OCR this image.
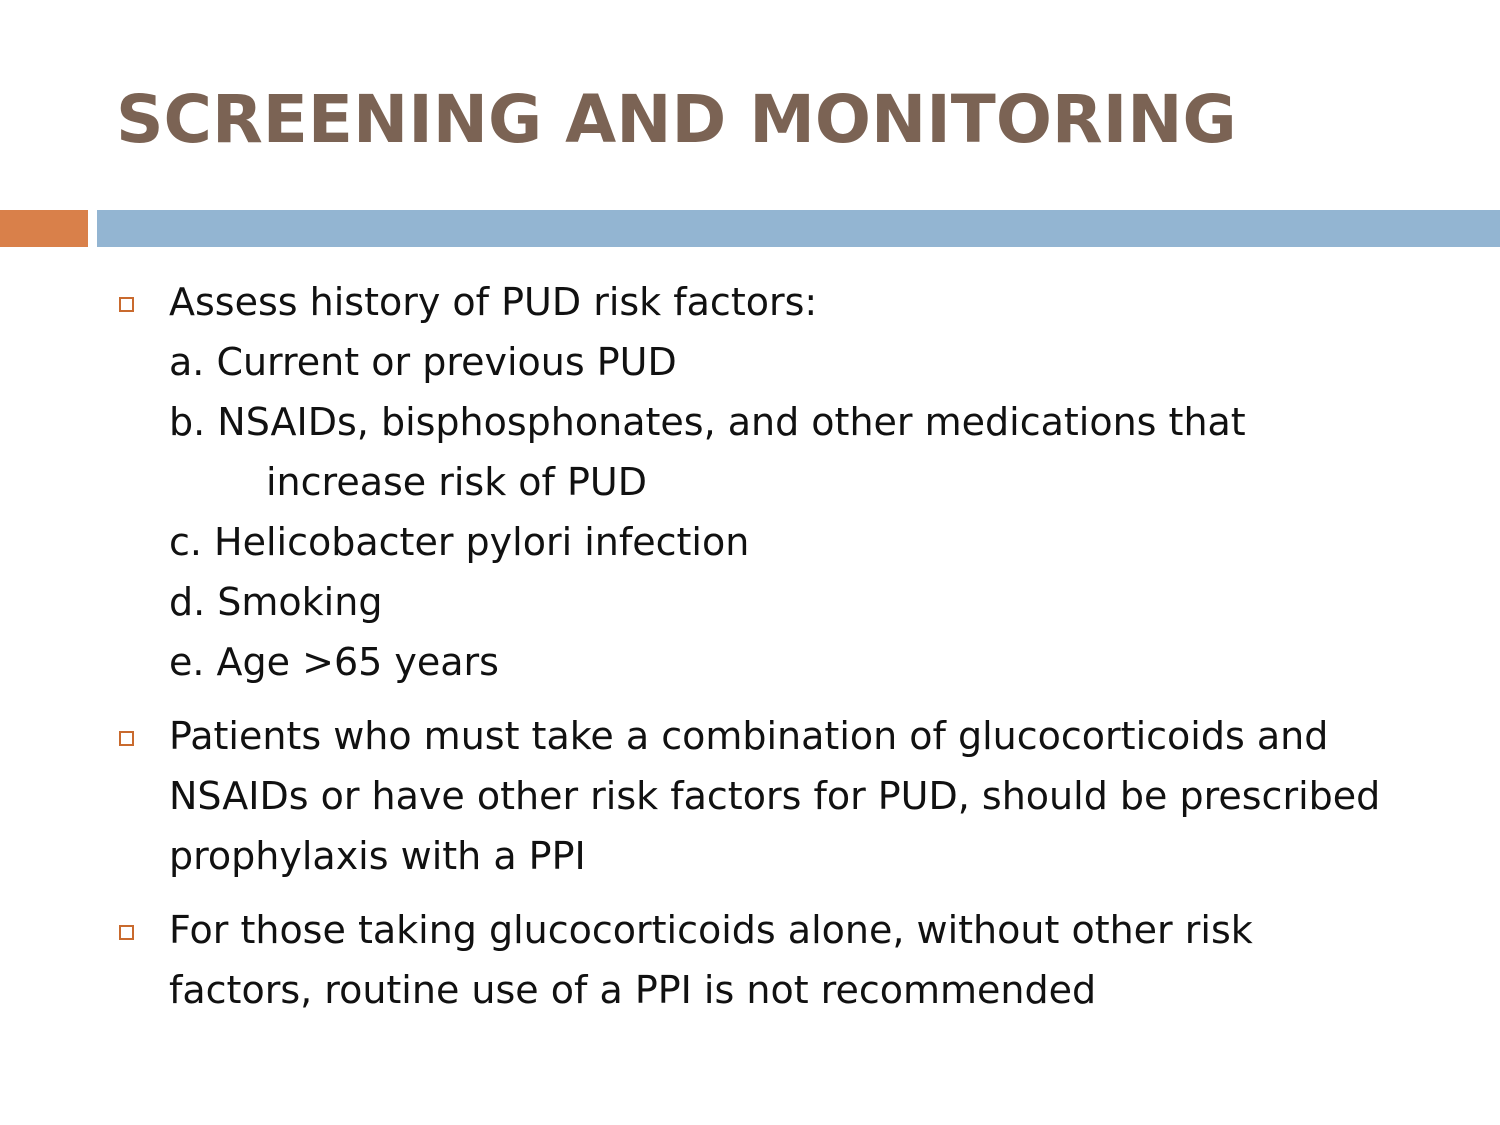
SCREENING AND MONITORING
Assess history of PUD risk factors:
a. Current or previous PUD
b. NSAIDs, bisphosphonates, and other medications that
increase risk of PUD
c. Helicobacter pylori infection
d. Smoking
e. Age >65 years
Patients who must take a combination of glucocorticoids and NSAIDs or have other risk factors for PUD, should be prescribed prophylaxis with a PPI
For those taking glucocorticoids alone, without other risk factors, routine use of a PPI is not recommended
